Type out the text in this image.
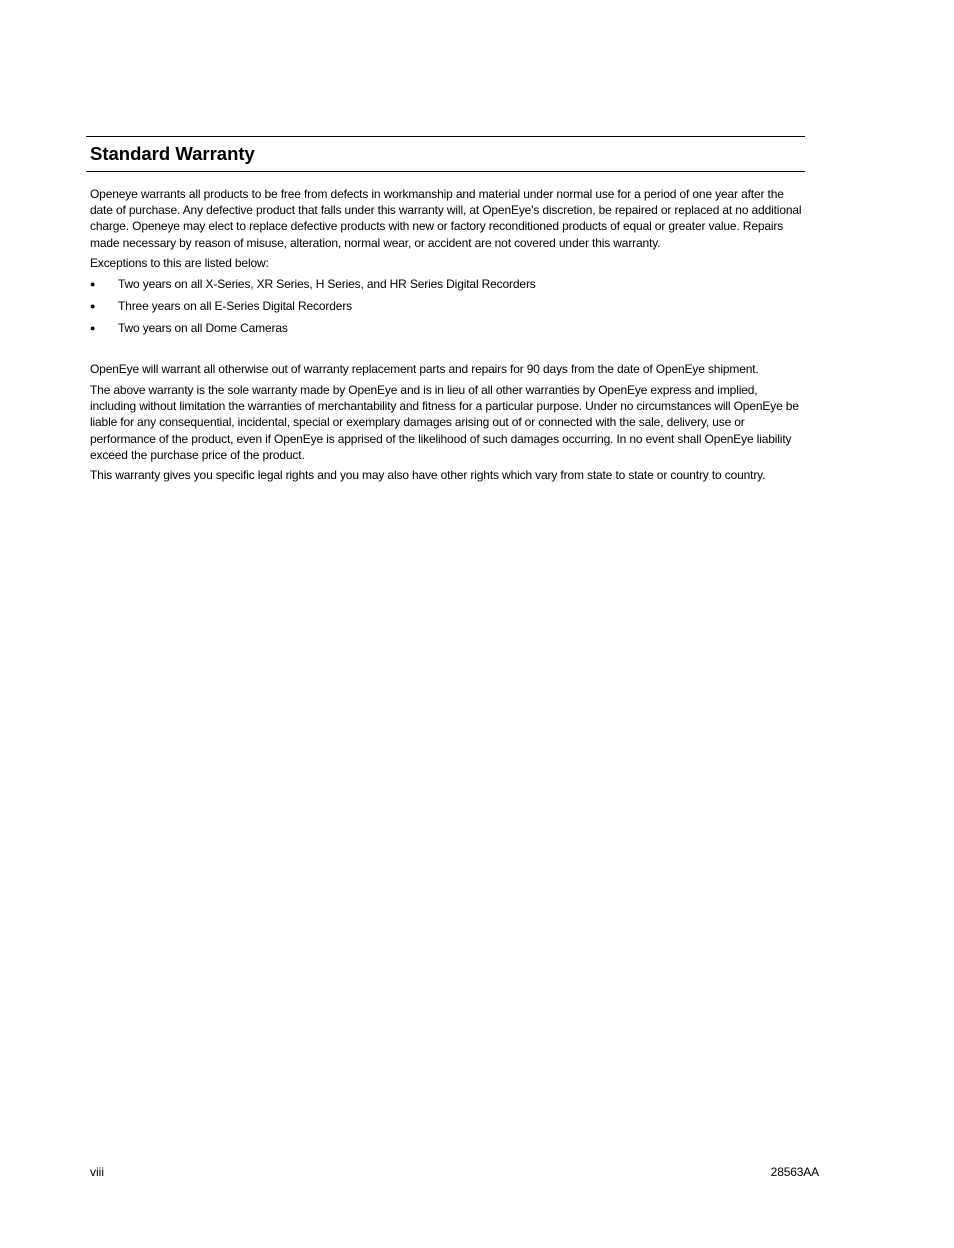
Standard Warranty

Openeye warrants all products to be free from defects in workmanship and material under normal use for a period of one year after the date of purchase. Any defective product that falls under this warranty will, at OpenEye's discretion, be repaired or replaced at no additional charge. Openeye may elect to replace defective products with new or factory reconditioned products of equal or greater value. Repairs made necessary by reason of misuse, alteration, normal wear, or accident are not covered under this warranty.

Exceptions to this are listed below:

● Two years on all X-Series, XR Series, H Series, and HR Series Digital Recorders
● Three years on all E-Series Digital Recorders
● Two years on all Dome Cameras

OpenEye will warrant all otherwise out of warranty replacement parts and repairs for 90 days from the date of OpenEye shipment.

The above warranty is the sole warranty made by OpenEye and is in lieu of all other warranties by OpenEye express and implied, including without limitation the warranties of merchantability and fitness for a particular purpose. Under no circumstances will OpenEye be liable for any consequential, incidental, special or exemplary damages arising out of or connected with the sale, delivery, use or performance of the product, even if OpenEye is apprised of the likelihood of such damages occurring. In no event shall OpenEye liability exceed the purchase price of the product.

This warranty gives you specific legal rights and you may also have other rights which vary from state to state or country to country.

viii	28563AA
